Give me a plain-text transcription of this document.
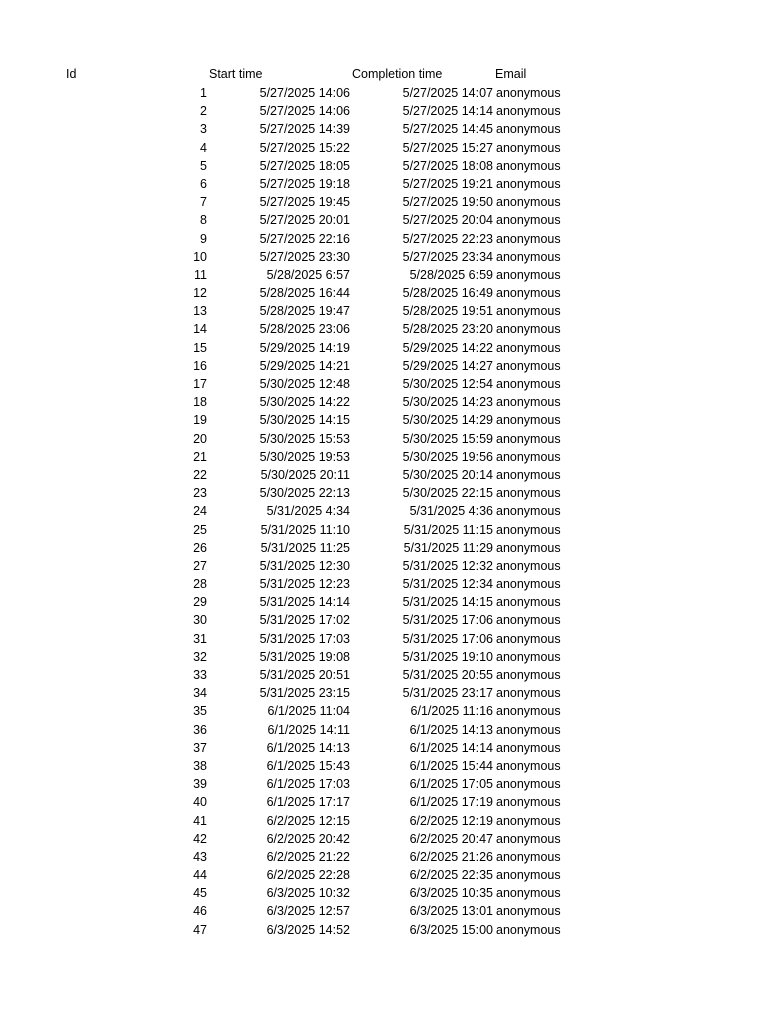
Id	Start time	Completion time	Email
1	5/27/2025 14:06	5/27/2025 14:07 anonymous
2	5/27/2025 14:06	5/27/2025 14:14 anonymous
3	5/27/2025 14:39	5/27/2025 14:45 anonymous
4	5/27/2025 15:22	5/27/2025 15:27 anonymous
5	5/27/2025 18:05	5/27/2025 18:08 anonymous
6	5/27/2025 19:18	5/27/2025 19:21 anonymous
7	5/27/2025 19:45	5/27/2025 19:50 anonymous
8	5/27/2025 20:01	5/27/2025 20:04 anonymous
9	5/27/2025 22:16	5/27/2025 22:23 anonymous
10	5/27/2025 23:30	5/27/2025 23:34 anonymous
11	5/28/2025 6:57	5/28/2025 6:59 anonymous
12	5/28/2025 16:44	5/28/2025 16:49 anonymous
13	5/28/2025 19:47	5/28/2025 19:51 anonymous
14	5/28/2025 23:06	5/28/2025 23:20 anonymous
15	5/29/2025 14:19	5/29/2025 14:22 anonymous
16	5/29/2025 14:21	5/29/2025 14:27 anonymous
17	5/30/2025 12:48	5/30/2025 12:54 anonymous
18	5/30/2025 14:22	5/30/2025 14:23 anonymous
19	5/30/2025 14:15	5/30/2025 14:29 anonymous
20	5/30/2025 15:53	5/30/2025 15:59 anonymous
21	5/30/2025 19:53	5/30/2025 19:56 anonymous
22	5/30/2025 20:11	5/30/2025 20:14 anonymous
23	5/30/2025 22:13	5/30/2025 22:15 anonymous
24	5/31/2025 4:34	5/31/2025 4:36 anonymous
25	5/31/2025 11:10	5/31/2025 11:15 anonymous
26	5/31/2025 11:25	5/31/2025 11:29 anonymous
27	5/31/2025 12:30	5/31/2025 12:32 anonymous
28	5/31/2025 12:23	5/31/2025 12:34 anonymous
29	5/31/2025 14:14	5/31/2025 14:15 anonymous
30	5/31/2025 17:02	5/31/2025 17:06 anonymous
31	5/31/2025 17:03	5/31/2025 17:06 anonymous
32	5/31/2025 19:08	5/31/2025 19:10 anonymous
33	5/31/2025 20:51	5/31/2025 20:55 anonymous
34	5/31/2025 23:15	5/31/2025 23:17 anonymous
35	6/1/2025 11:04	6/1/2025 11:16 anonymous
36	6/1/2025 14:11	6/1/2025 14:13 anonymous
37	6/1/2025 14:13	6/1/2025 14:14 anonymous
38	6/1/2025 15:43	6/1/2025 15:44 anonymous
39	6/1/2025 17:03	6/1/2025 17:05 anonymous
40	6/1/2025 17:17	6/1/2025 17:19 anonymous
41	6/2/2025 12:15	6/2/2025 12:19 anonymous
42	6/2/2025 20:42	6/2/2025 20:47 anonymous
43	6/2/2025 21:22	6/2/2025 21:26 anonymous
44	6/2/2025 22:28	6/2/2025 22:35 anonymous
45	6/3/2025 10:32	6/3/2025 10:35 anonymous
46	6/3/2025 12:57	6/3/2025 13:01 anonymous
47	6/3/2025 14:52	6/3/2025 15:00 anonymous
